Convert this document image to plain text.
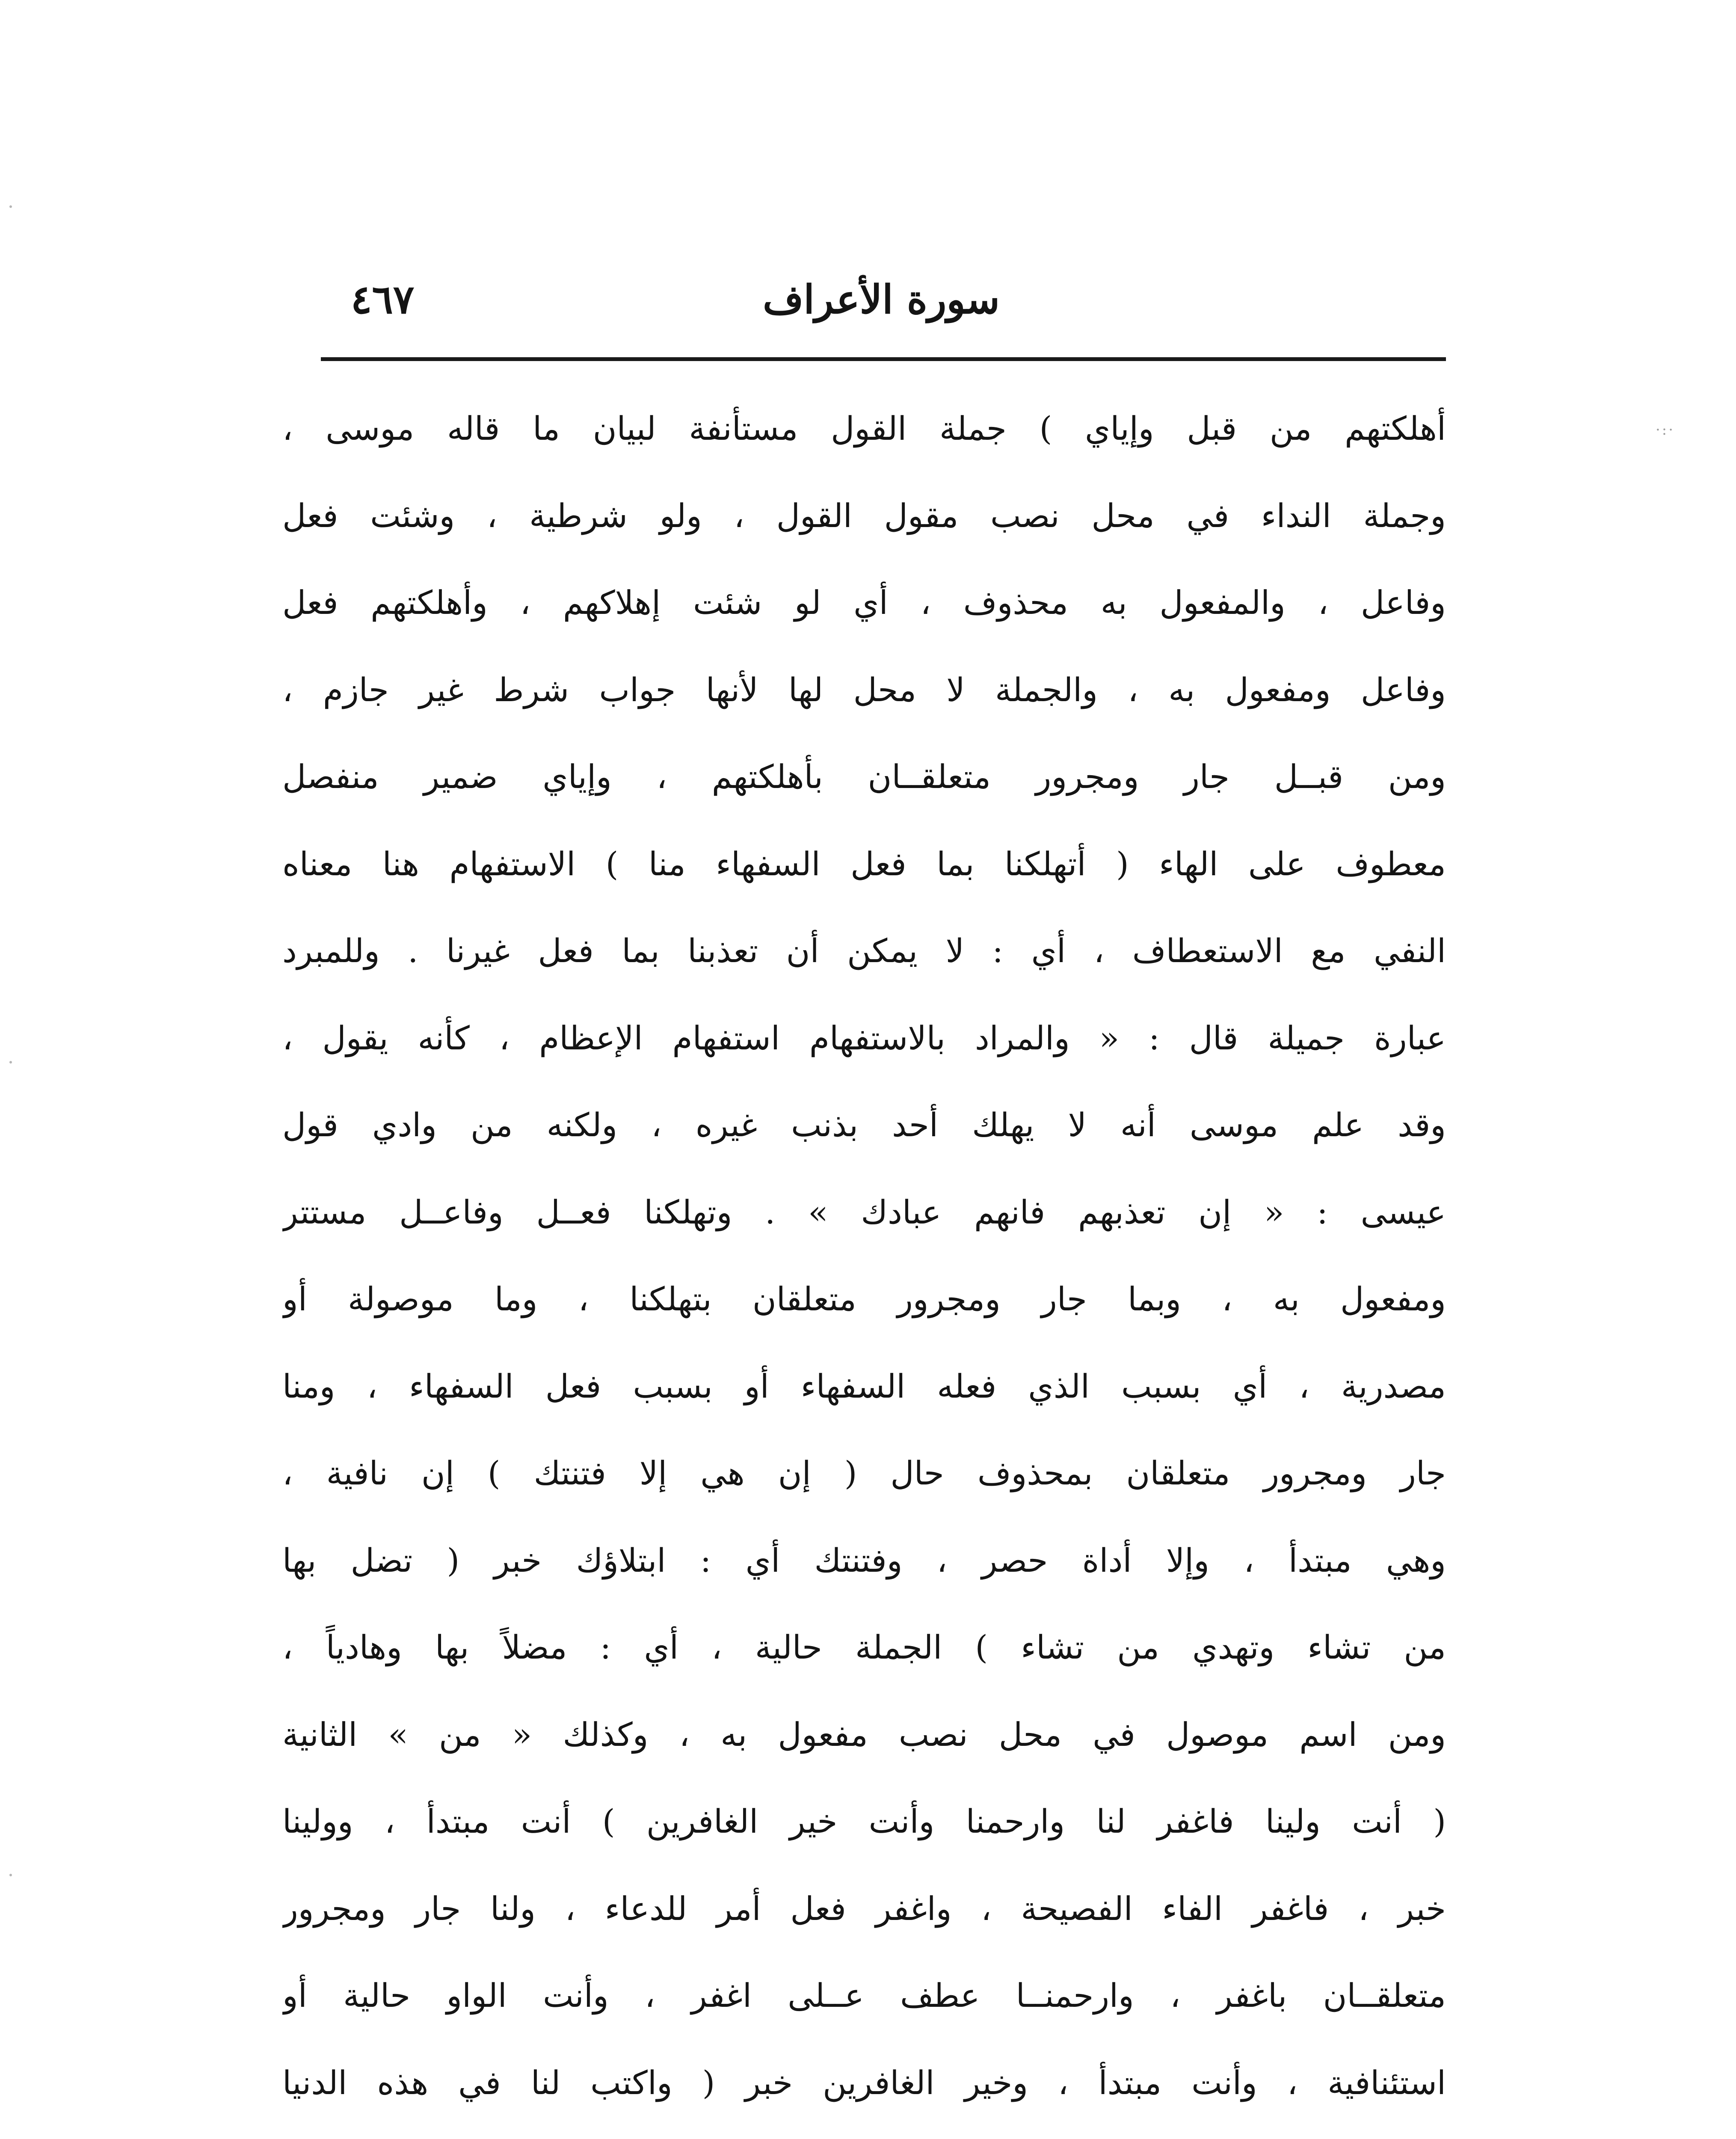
سورة الأعراف
٤٦٧
أهلكتهم من قبل وإياي ) جملة القول مستأنفة لبيان ما قاله موسى ،
وجملة النداء في محل نصب مقول القول ، ولو شرطية ، وشئت فعل
وفاعل ، والمفعول به محذوف ، أي لو شئت إهلاكهم ، وأهلكتهم فعل
وفاعل ومفعول به ، والجملة لا محل لها لأنها جواب شرط غير جازم ،
ومن قبــل جار ومجرور متعلقــان بأهلكتهم ، وإياي ضمير منفصل
معطوف على الهاء ( أتهلكنا بما فعل السفهاء منا ) الاستفهام هنا معناه
النفي مع الاستعطاف ، أي : لا يمكن أن تعذبنا بما فعل غيرنا . وللمبرد
عبارة جميلة قال : « والمراد بالاستفهام استفهام الإعظام ، كأنه يقول ،
وقد علم موسى أنه لا يهلك أحد بذنب غيره ، ولكنه من وادي قول
عيسى : « إن تعذبهم فانهم عبادك » . وتهلكنا فعــل وفاعــل مستتر
ومفعول به ، وبما جار ومجرور متعلقان بتهلكنا ، وما موصولة أو
مصدرية ، أي بسبب الذي فعله السفهاء أو بسبب فعل السفهاء ، ومنا
جار ومجرور متعلقان بمحذوف حال ( إن هي إلا فتنتك ) إن نافية ،
وهي مبتدأ ، وإلا أداة حصر ، وفتنتك أي : ابتلاؤك خبر ( تضل بها
من تشاء وتهدي من تشاء ) الجملة حالية ، أي : مضلاً بها وهادياً ،
ومن اسم موصول في محل نصب مفعول به ، وكذلك « من » الثانية
( أنت ولينا فاغفر لنا وارحمنا وأنت خير الغافرين ) أنت مبتدأ ، وولينا
خبر ، فاغفر الفاء الفصيحة ، واغفر فعل أمر للدعاء ، ولنا جار ومجرور
متعلقــان باغفر ، وارحمنــا عطف عــلى اغفر ، وأنت الواو حالية أو
استئنافية ، وأنت مبتدأ ، وخير الغافرين خبر ( واكتب لنا في هذه الدنيا
·:·
